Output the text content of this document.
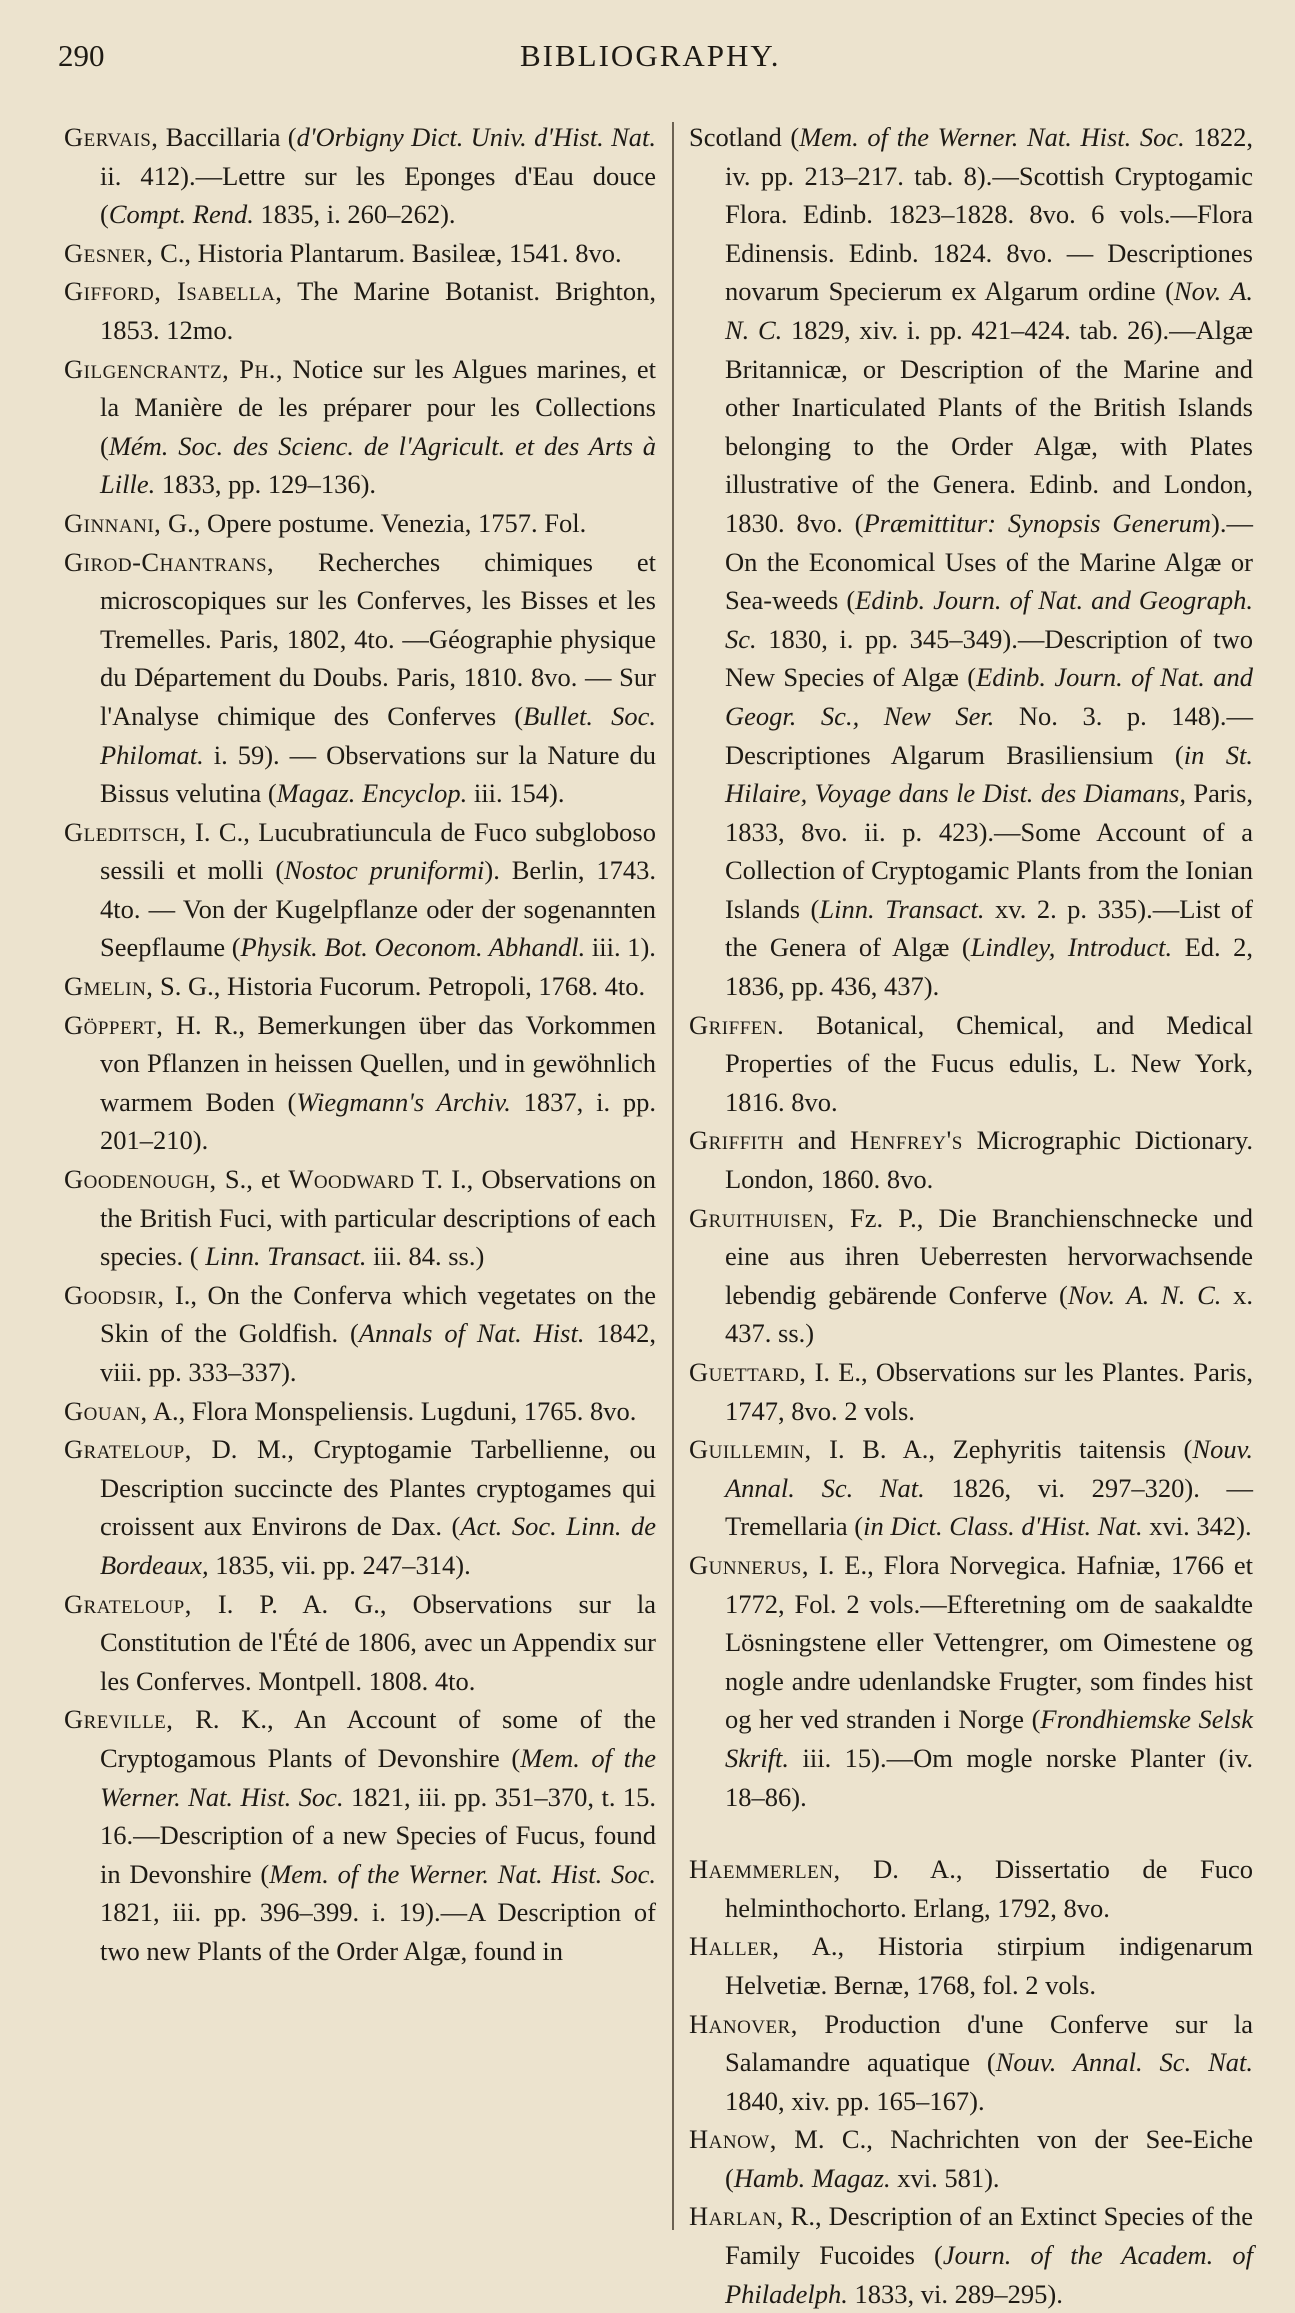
290	BIBLIOGRAPHY.

Gervais, Baccillaria (d'Orbigny Dict. Univ. d'Hist. Nat. ii. 412).—Lettre sur les Eponges d'Eau douce (Compt. Rend. 1835, i. 260–262).

Gesner, C., Historia Plantarum. Basileæ, 1541. 8vo.

Gifford, Isabella, The Marine Botanist. Brighton, 1853. 12mo.

Gilgencrantz, Ph., Notice sur les Algues marines, et la Manière de les préparer pour les Collections (Mém. Soc. des Scienc. de l'Agricult. et des Arts à Lille. 1833, pp. 129–136).

Ginnani, G., Opere postume. Venezia, 1757. Fol.

Girod-Chantrans, Recherches chimiques et microscopiques sur les Conferves, les Bisses et les Tremelles. Paris, 1802, 4to. —Géographie physique du Département du Doubs. Paris, 1810. 8vo. — Sur l'Analyse chimique des Conferves (Bullet. Soc. Philomat. i. 59). — Observations sur la Nature du Bissus velutina (Magaz. Encyclop. iii. 154).

Gleditsch, I. C., Lucubratiuncula de Fuco subgloboso sessili et molli (Nostoc pruniformi). Berlin, 1743. 4to. — Von der Kugelpflanze oder der sogenannten Seepflaume (Physik. Bot. Oeconom. Abhandl. iii. 1).

Gmelin, S. G., Historia Fucorum. Petropoli, 1768. 4to.

Göppert, H. R., Bemerkungen über das Vorkommen von Pflanzen in heissen Quellen, und in gewöhnlich warmem Boden (Wiegmann's Archiv. 1837, i. pp. 201–210).

Goodenough, S., et Woodward T. I., Observations on the British Fuci, with particular descriptions of each species. ( Linn. Transact. iii. 84. ss.)

Goodsir, I., On the Conferva which vegetates on the Skin of the Goldfish. (Annals of Nat. Hist. 1842, viii. pp. 333–337).

Gouan, A., Flora Monspeliensis. Lugduni, 1765. 8vo.

Grateloup, D. M., Cryptogamie Tarbellienne, ou Description succincte des Plantes cryptogames qui croissent aux Environs de Dax. (Act. Soc. Linn. de Bordeaux, 1835, vii. pp. 247–314).

Grateloup, I. P. A. G., Observations sur la Constitution de l'Été de 1806, avec un Appendix sur les Conferves. Montpell. 1808. 4to.

Greville, R. K., An Account of some of the Cryptogamous Plants of Devonshire (Mem. of the Werner. Nat. Hist. Soc. 1821, iii. pp. 351–370, t. 15. 16.—Description of a new Species of Fucus, found in Devonshire (Mem. of the Werner. Nat. Hist. Soc. 1821, iii. pp. 396–399. i. 19).—A Description of two new Plants of the Order Algæ, found in

Scotland (Mem. of the Werner. Nat. Hist. Soc. 1822, iv. pp. 213–217. tab. 8).—Scottish Cryptogamic Flora. Edinb. 1823–1828. 8vo. 6 vols.—Flora Edinensis. Edinb. 1824. 8vo. — Descriptiones novarum Specierum ex Algarum ordine (Nov. A. N. C. 1829, xiv. i. pp. 421–424. tab. 26).—Algæ Britannicæ, or Description of the Marine and other Inarticulated Plants of the British Islands belonging to the Order Algæ, with Plates illustrative of the Genera. Edinb. and London, 1830. 8vo. (Præmittitur: Synopsis Generum).—On the Economical Uses of the Marine Algæ or Sea-weeds (Edinb. Journ. of Nat. and Geograph. Sc. 1830, i. pp. 345–349).—Description of two New Species of Algæ (Edinb. Journ. of Nat. and Geogr. Sc., New Ser. No. 3. p. 148).—Descriptiones Algarum Brasiliensium (in St. Hilaire, Voyage dans le Dist. des Diamans, Paris, 1833, 8vo. ii. p. 423).—Some Account of a Collection of Cryptogamic Plants from the Ionian Islands (Linn. Transact. xv. 2. p. 335).—List of the Genera of Algæ (Lindley, Introduct. Ed. 2, 1836, pp. 436, 437).

Griffen. Botanical, Chemical, and Medical Properties of the Fucus edulis, L. New York, 1816. 8vo.

Griffith and Henfrey's Micrographic Dictionary. London, 1860. 8vo.

Gruithuisen, Fz. P., Die Branchienschnecke und eine aus ihren Ueberresten hervorwachsende lebendig gebärende Conferve (Nov. A. N. C. x. 437. ss.)

Guettard, I. E., Observations sur les Plantes. Paris, 1747, 8vo. 2 vols.

Guillemin, I. B. A., Zephyritis taitensis (Nouv. Annal. Sc. Nat. 1826, vi. 297–320). — Tremellaria (in Dict. Class. d'Hist. Nat. xvi. 342).

Gunnerus, I. E., Flora Norvegica. Hafniæ, 1766 et 1772, Fol. 2 vols.—Efteretning om de saakaldte Lösningstene eller Vettengrer, om Oimestene og nogle andre udenlandske Frugter, som findes hist og her ved stranden i Norge (Frondhiemske Selsk Skrift. iii. 15).—Om mogle norske Planter (iv. 18–86).

Haemmerlen, D. A., Dissertatio de Fuco helminthochorto. Erlang, 1792, 8vo.

Haller, A., Historia stirpium indigenarum Helvetiæ. Bernæ, 1768, fol. 2 vols.

Hanover, Production d'une Conferve sur la Salamandre aquatique (Nouv. Annal. Sc. Nat. 1840, xiv. pp. 165–167).

Hanow, M. C., Nachrichten von der See-Eiche (Hamb. Magaz. xvi. 581).

Harlan, R., Description of an Extinct Species of the Family Fucoides (Journ. of the Academ. of Philadelph. 1833, vi. 289–295).
